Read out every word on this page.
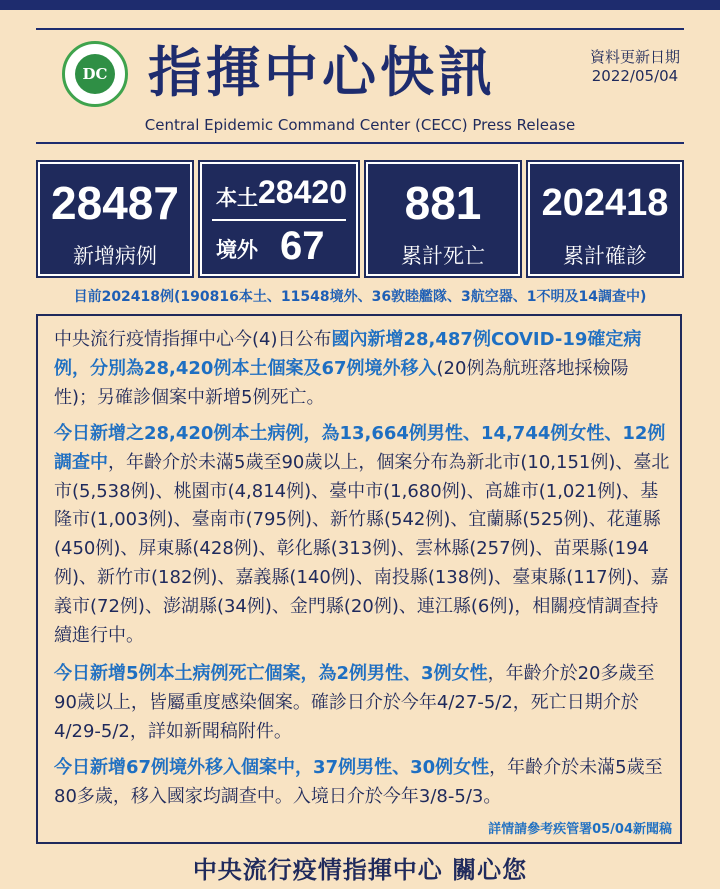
DC 指揮中心快訊	資料更新日期
2022/05/04
Central Epidemic Command Center (CECC) Press Release
28487
新增病例
本土 28420
境外 67
881
累計死亡
202418
累計確診
目前202418例(190816本土、11548境外、36敦睦艦隊、3航空器、1不明及14調查中)

中央流行疫情指揮中心今(4)日公布國內新增28,487例COVID-19確定病例，分別為28,420例本土個案及67例境外移入(20例為航班落地採檢陽性)；另確診個案中新增5例死亡。

今日新增之28,420例本土病例，為13,664例男性、14,744例女性、12例調查中，年齡介於未滿5歲至90歲以上，個案分布為新北市(10,151例)、臺北市(5,538例)、桃園市(4,814例)、臺中市(1,680例)、高雄市(1,021例)、基隆市(1,003例)、臺南市(795例)、新竹縣(542例)、宜蘭縣(525例)、花蓮縣(450例)、屏東縣(428例)、彰化縣(313例)、雲林縣(257例)、苗栗縣(194例)、新竹市(182例)、嘉義縣(140例)、南投縣(138例)、臺東縣(117例)、嘉義市(72例)、澎湖縣(34例)、金門縣(20例)、連江縣(6例)，相關疫情調查持續進行中。

今日新增5例本土病例死亡個案，為2例男性、3例女性，年齡介於20多歲至90歲以上，皆屬重度感染個案。確診日介於今年4/27-5/2，死亡日期介於4/29-5/2，詳如新聞稿附件。

今日新增67例境外移入個案中，37例男性、30例女性，年齡介於未滿5歲至80多歲，移入國家均調查中。入境日介於今年3/8-5/3。

詳情請參考疾管署05/04新聞稿
中央流行疫情指揮中心 關心您
